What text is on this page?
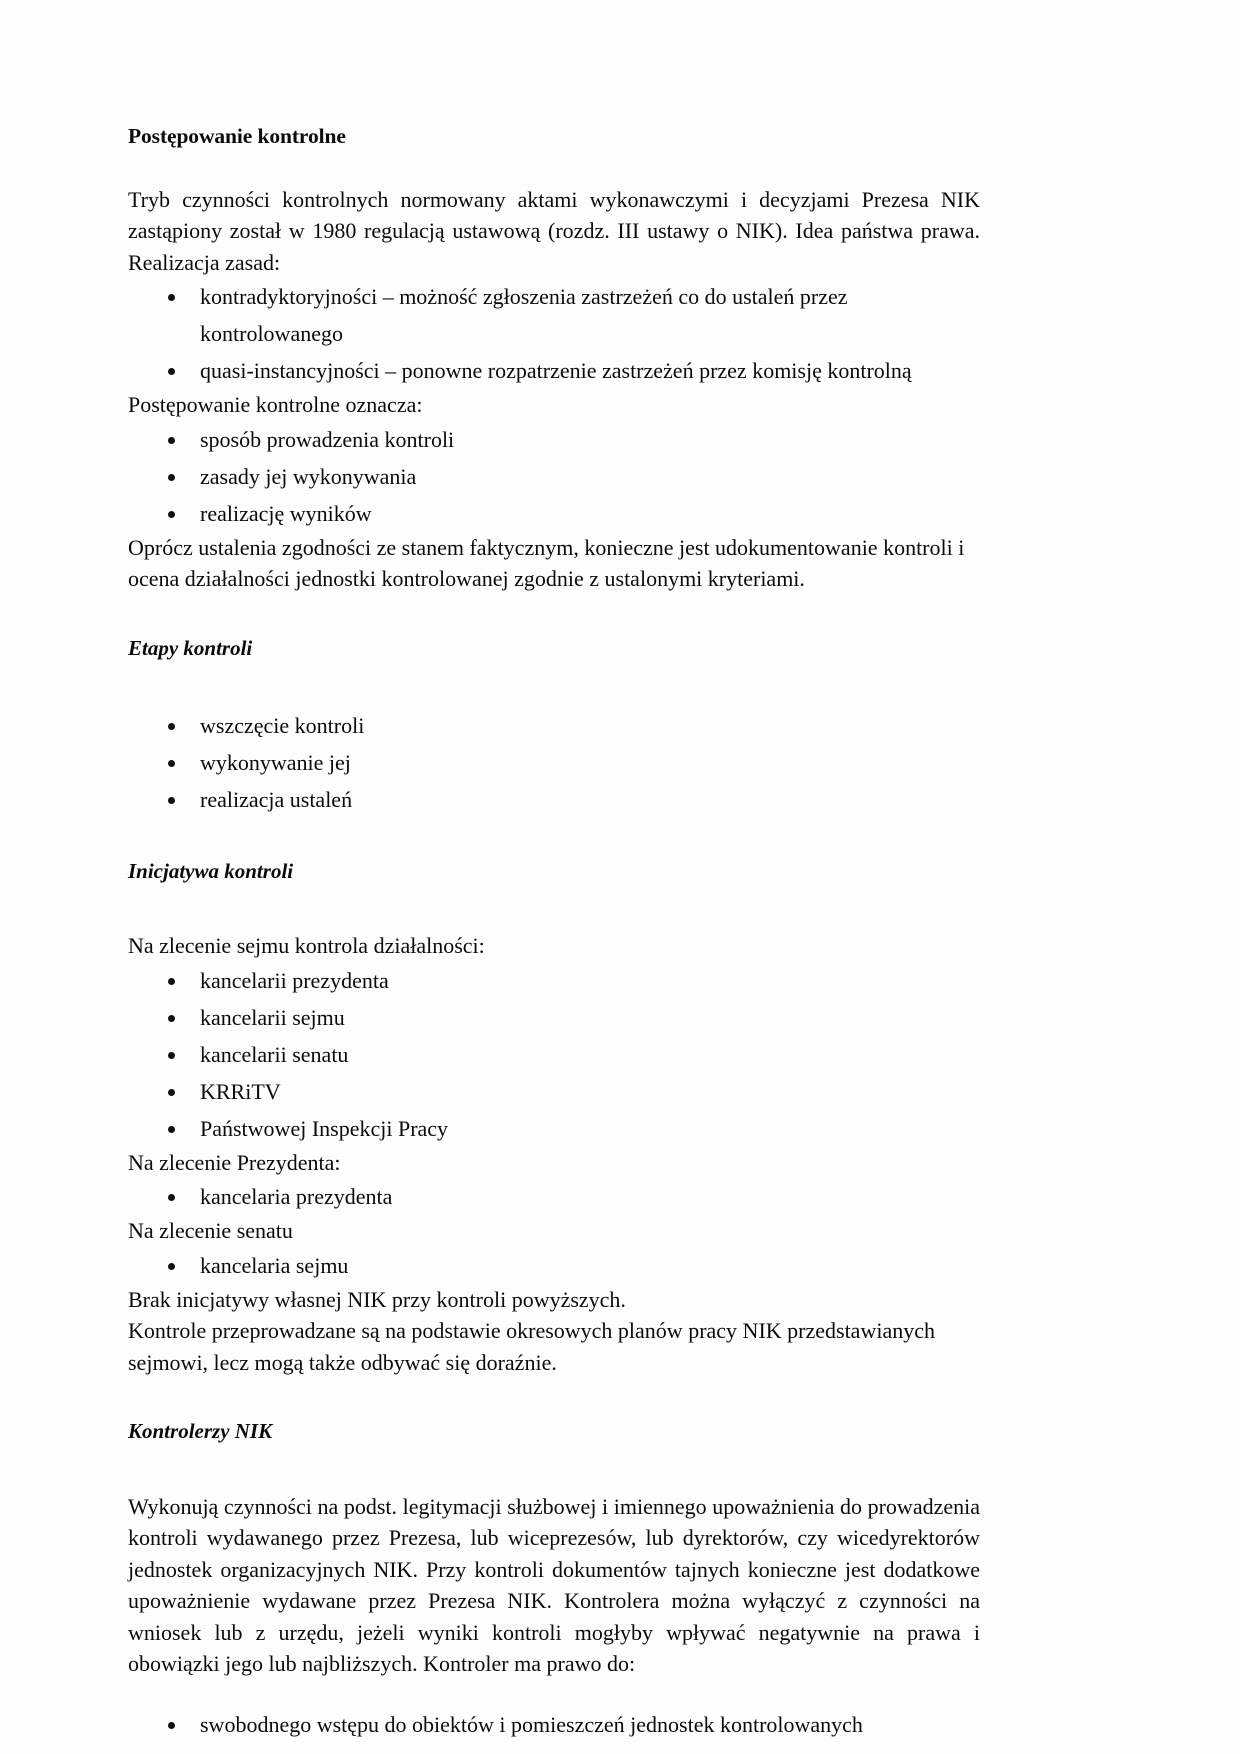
Postępowanie kontrolne

Tryb czynności kontrolnych normowany aktami wykonawczymi i decyzjami Prezesa NIK zastąpiony został w 1980 regulacją ustawową (rozdz. III ustawy o NIK). Idea państwa prawa. Realizacja zasad:

kontradyktoryjności – możność zgłoszenia zastrzeżeń co do ustaleń przez kontrolowanego
quasi-instancyjności – ponowne rozpatrzenie zastrzeżeń przez komisję kontrolną

Postępowanie kontrolne oznacza:

sposób prowadzenia kontroli
zasady jej wykonywania
realizację wyników

Oprócz ustalenia zgodności ze stanem faktycznym, konieczne jest udokumentowanie kontroli i ocena działalności jednostki kontrolowanej zgodnie z ustalonymi kryteriami.

Etapy kontroli
wszczęcie kontroli
wykonywanie jej
realizacja ustaleń
Inicjatywa kontroli

Na zlecenie sejmu kontrola działalności:

kancelarii prezydenta
kancelarii sejmu
kancelarii senatu
KRRiTV
Państwowej Inspekcji Pracy

Na zlecenie Prezydenta:

kancelaria prezydenta

Na zlecenie senatu

kancelaria sejmu

Brak inicjatywy własnej NIK przy kontroli powyższych.

Kontrole przeprowadzane są na podstawie okresowych planów pracy NIK przedstawianych sejmowi, lecz mogą także odbywać się doraźnie.

Kontrolerzy NIK

Wykonują czynności na podst. legitymacji służbowej i imiennego upoważnienia do prowadzenia kontroli wydawanego przez Prezesa, lub wiceprezesów, lub dyrektorów, czy wicedyrektorów jednostek organizacyjnych NIK. Przy kontroli dokumentów tajnych konieczne jest dodatkowe upoważnienie wydawane przez Prezesa NIK. Kontrolera można wyłączyć z czynności na wniosek lub z urzędu, jeżeli wyniki kontroli mogłyby wpływać negatywnie na prawa i obowiązki jego lub najbliższych. Kontroler ma prawo do:

swobodnego wstępu do obiektów i pomieszczeń jednostek kontrolowanych
